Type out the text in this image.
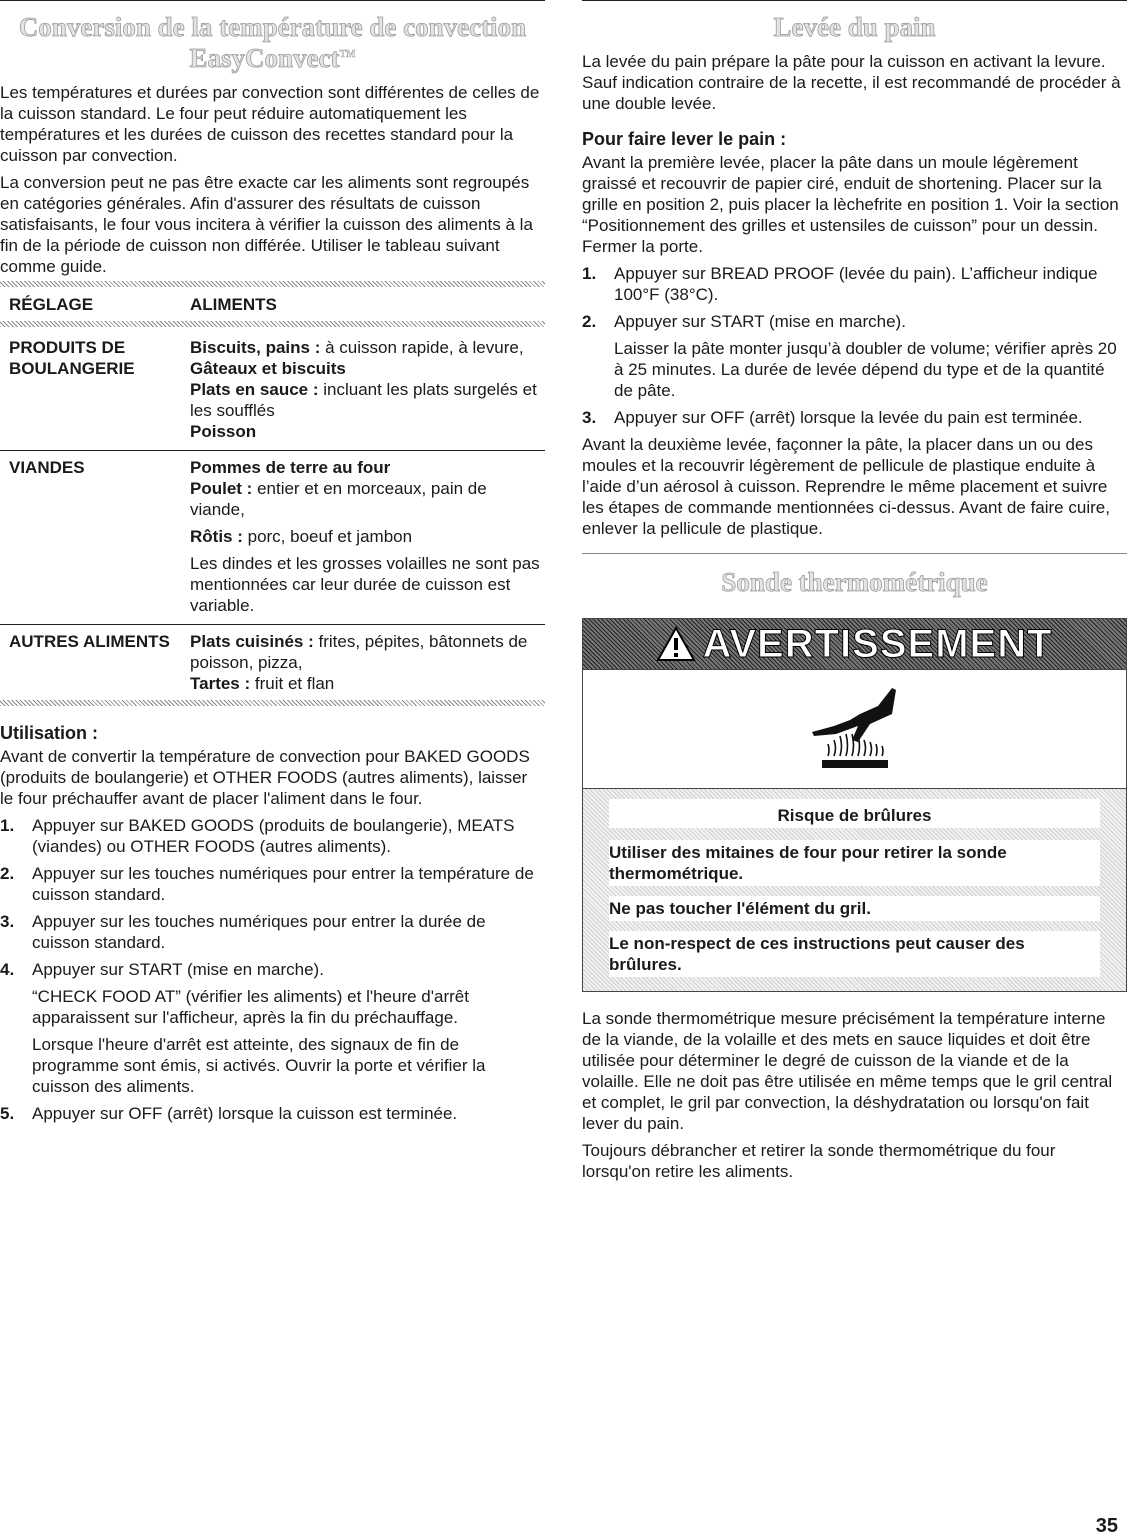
Conversion de la température de convection
EasyConvect™

Les températures et durées par convection sont différentes de celles de la cuisson standard. Le four peut réduire automatiquement les températures et les durées de cuisson des recettes standard pour la cuisson par convection.

La conversion peut ne pas être exacte car les aliments sont regroupés en catégories générales. Afin d'assurer des résultats de cuisson satisfaisants, le four vous incitera à vérifier la cuisson des aliments à la fin de la période de cuisson non différée. Utiliser le tableau suivant comme guide.

RÉGLAGE	ALIMENTS

PRODUITS DE BOULANGERIE	Biscuits, pains : à cuisson rapide, à levure,
Gâteaux et biscuits
Plats en sauce : incluant les plats surgelés et les soufflés
Poisson

VIANDES	Pommes de terre au four
Poulet : entier et en morceaux, pain de viande,
Rôtis : porc, boeuf et jambon
Les dindes et les grosses volailles ne sont pas mentionnées car leur durée de cuisson est variable.

AUTRES ALIMENTS	Plats cuisinés : frites, pépites, bâtonnets de poisson, pizza,
Tartes : fruit et flan
Utilisation :

Avant de convertir la température de convection pour BAKED GOODS (produits de boulangerie) et OTHER FOODS (autres aliments), laisser le four préchauffer avant de placer l'aliment dans le four.

1. Appuyer sur BAKED GOODS (produits de boulangerie), MEATS (viandes) ou OTHER FOODS (autres aliments).
2. Appuyer sur les touches numériques pour entrer la température de cuisson standard.
3. Appuyer sur les touches numériques pour entrer la durée de cuisson standard.
4. Appuyer sur START (mise en marche).
“CHECK FOOD AT” (vérifier les aliments) et l'heure d'arrêt apparaissent sur l'afficheur, après la fin du préchauffage.
Lorsque l'heure d'arrêt est atteinte, des signaux de fin de programme sont émis, si activés. Ouvrir la porte et vérifier la cuisson des aliments.
5. Appuyer sur OFF (arrêt) lorsque la cuisson est terminée.
Levée du pain

La levée du pain prépare la pâte pour la cuisson en activant la levure. Sauf indication contraire de la recette, il est recommandé de procéder à une double levée.

Pour faire lever le pain :

Avant la première levée, placer la pâte dans un moule légèrement graissé et recouvrir de papier ciré, enduit de shortening. Placer sur la grille en position 2, puis placer la lèchefrite en position 1. Voir la section “Positionnement des grilles et ustensiles de cuisson” pour un dessin. Fermer la porte.

1. Appuyer sur BREAD PROOF (levée du pain). L’afficheur indique 100°F (38°C).
2. Appuyer sur START (mise en marche).
Laisser la pâte monter jusqu’à doubler de volume; vérifier après 20 à 25 minutes. La durée de levée dépend du type et de la quantité de pâte.
3. Appuyer sur OFF (arrêt) lorsque la levée du pain est terminée.

Avant la deuxième levée, façonner la pâte, la placer dans un ou des moules et la recouvrir légèrement de pellicule de plastique enduite à l’aide d’un aérosol à cuisson. Reprendre le même placement et suivre les étapes de commande mentionnées ci-dessus. Avant de faire cuire, enlever la pellicule de plastique.

Sonde thermométrique
AVERTISSEMENT

Risque de brûlures

Utiliser des mitaines de four pour retirer la sonde thermométrique.

Ne pas toucher l'élément du gril.

Le non-respect de ces instructions peut causer des brûlures.

La sonde thermométrique mesure précisément la température interne de la viande, de la volaille et des mets en sauce liquides et doit être utilisée pour déterminer le degré de cuisson de la viande et de la volaille. Elle ne doit pas être utilisée en même temps que le gril central et complet, le gril par convection, la déshydratation ou lorsqu'on fait lever du pain.

Toujours débrancher et retirer la sonde thermométrique du four lorsqu'on retire les aliments.

35
